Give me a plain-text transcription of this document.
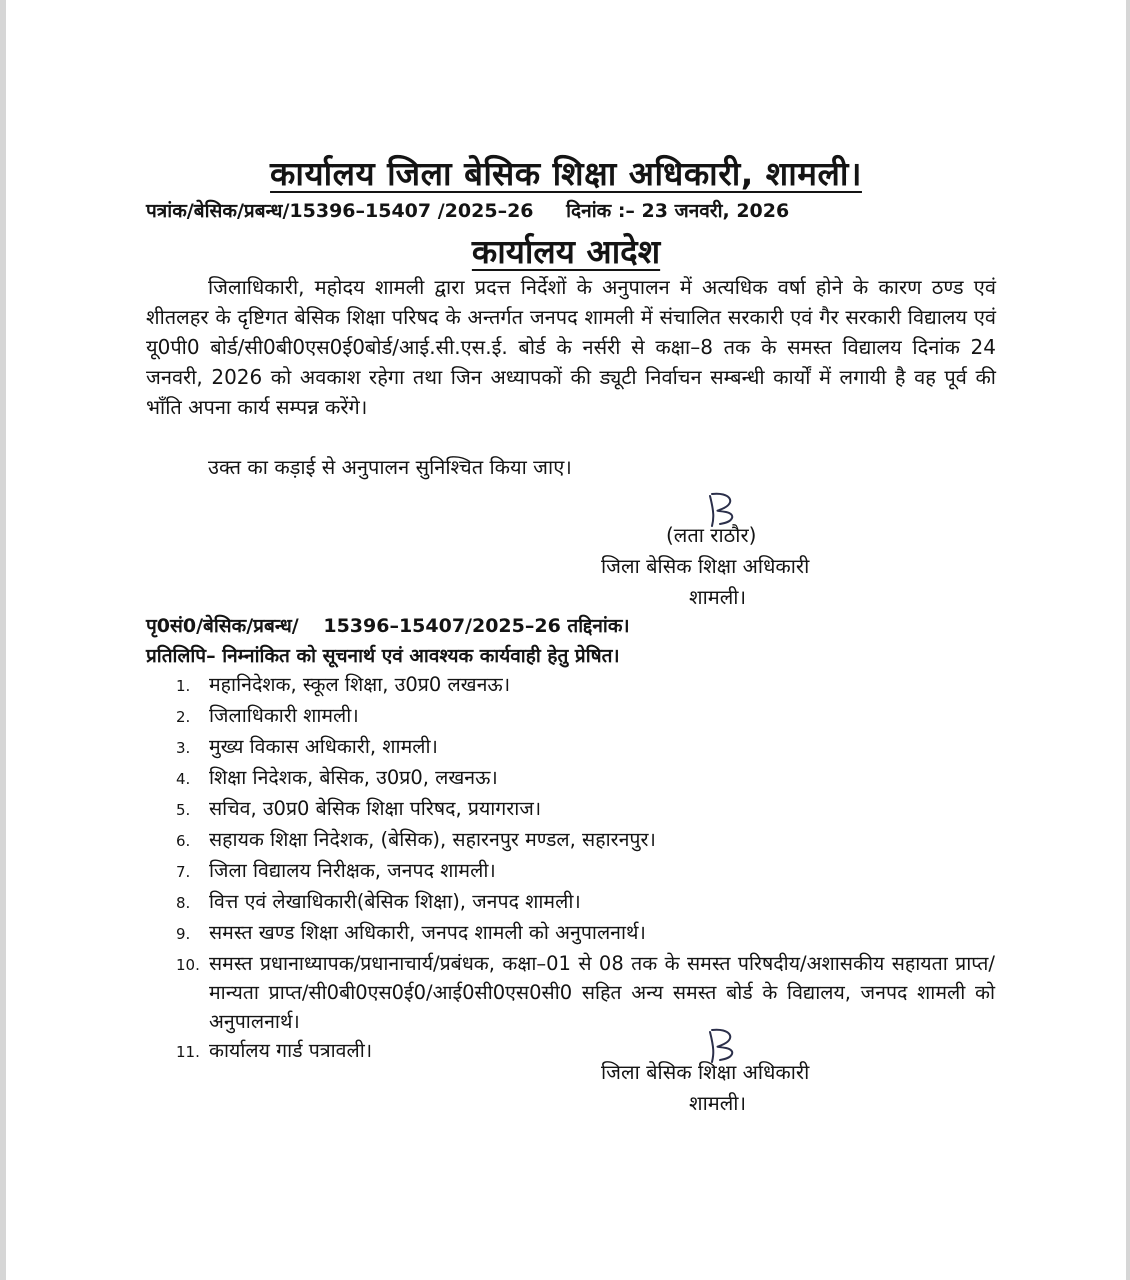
कार्यालय जिला बेसिक शिक्षा अधिकारी, शामली।
पत्रांक/बेसिक/प्रबन्ध/15396–15407 /2025–26 दिनांक :– 23 जनवरी, 2026
कार्यालय आदेश
जिलाधिकारी, महोदय शामली द्वारा प्रदत्त निर्देशों के अनुपालन में अत्यधिक वर्षा होने के कारण ठण्ड एवं शीतलहर के दृष्टिगत बेसिक शिक्षा परिषद के अन्तर्गत जनपद शामली में संचालित सरकारी एवं गैर सरकारी विद्यालय एवं यू0पी0 बोर्ड/सी0बी0एस0ई0बोर्ड/आई.सी.एस.ई. बोर्ड के नर्सरी से कक्षा–8 तक के समस्त विद्यालय दिनांक 24 जनवरी, 2026 को अवकाश रहेगा तथा जिन अध्यापकों की ड्यूटी निर्वाचन सम्बन्धी कार्यों में लगायी है वह पूर्व की भाँति अपना कार्य सम्पन्न करेंगे।
उक्त का कड़ाई से अनुपालन सुनिश्चित किया जाए।
(लता राठौर)
जिला बेसिक शिक्षा अधिकारी
शामली।
पृ0सं0/बेसिक/प्रबन्ध/ 15396–15407/2025–26 तद्दिनांक।
प्रतिलिपि– निम्नांकित को सूचनार्थ एवं आवश्यक कार्यवाही हेतु प्रेषित।
1. महानिदेशक, स्कूल शिक्षा, उ0प्र0 लखनऊ।
2. जिलाधिकारी शामली।
3. मुख्य विकास अधिकारी, शामली।
4. शिक्षा निदेशक, बेसिक, उ0प्र0, लखनऊ।
5. सचिव, उ0प्र0 बेसिक शिक्षा परिषद, प्रयागराज।
6. सहायक शिक्षा निदेशक, (बेसिक), सहारनपुर मण्डल, सहारनपुर।
7. जिला विद्यालय निरीक्षक, जनपद शामली।
8. वित्त एवं लेखाधिकारी(बेसिक शिक्षा), जनपद शामली।
9. समस्त खण्ड शिक्षा अधिकारी, जनपद शामली को अनुपालनार्थ।
10. समस्त प्रधानाध्यापक/प्रधानाचार्य/प्रबंधक, कक्षा–01 से 08 तक के समस्त परिषदीय/अशासकीय सहायता प्राप्त/मान्यता प्राप्त/सी0बी0एस0ई0/आई0सी0एस0सी0 सहित अन्य समस्त बोर्ड के विद्यालय, जनपद शामली को अनुपालनार्थ।
11. कार्यालय गार्ड पत्रावली।
जिला बेसिक शिक्षा अधिकारी
शामली।
